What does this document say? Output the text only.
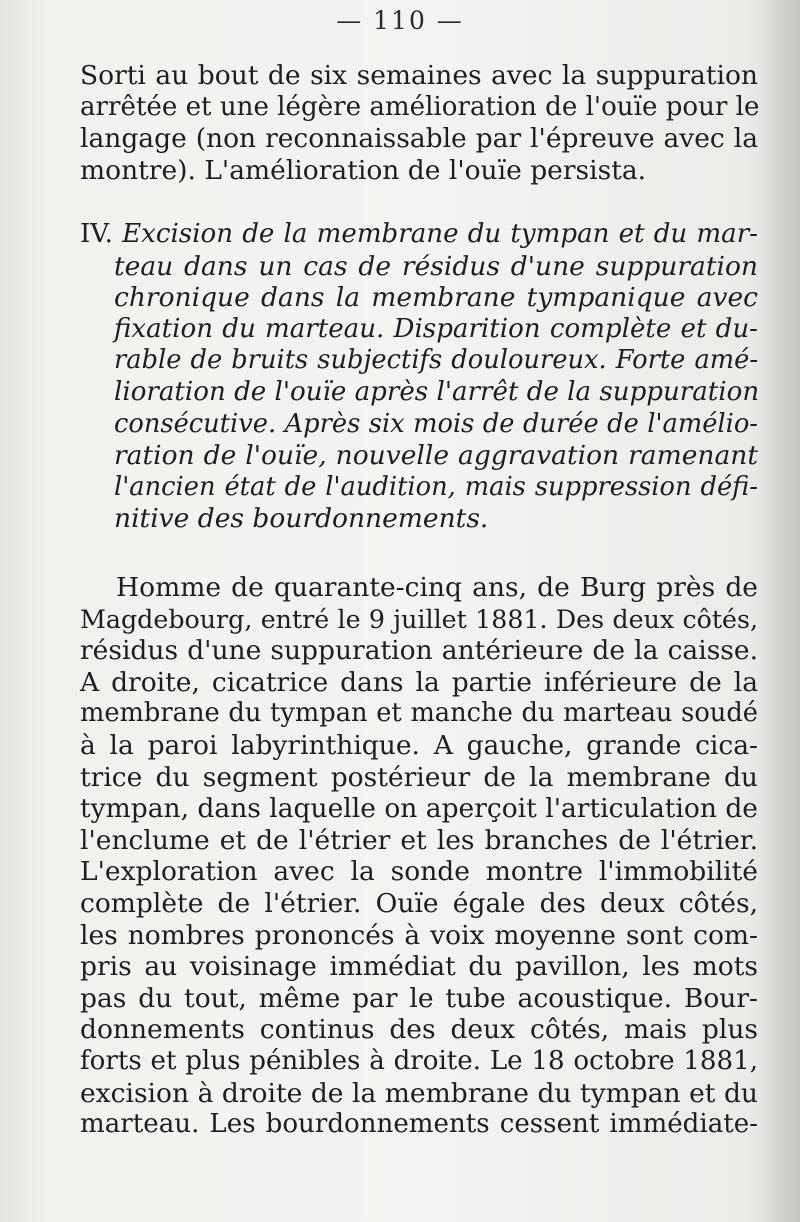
— 110 —
Sorti au bout de six semaines avec la suppuration
arrêtée et une légère amélioration de l'ouïe pour le
langage (non reconnaissable par l'épreuve avec la
montre). L'amélioration de l'ouïe persista.
IV. Excision de la membrane du tympan et du mar-
teau dans un cas de résidus d'une suppuration
chronique dans la membrane tympanique avec
fixation du marteau. Disparition complète et du-
rable de bruits subjectifs douloureux. Forte amé-
lioration de l'ouïe après l'arrêt de la suppuration
consécutive. Après six mois de durée de l'amélio-
ration de l'ouïe, nouvelle aggravation ramenant
l'ancien état de l'audition, mais suppression défi-
nitive des bourdonnements.
Homme de quarante-cinq ans, de Burg près de
Magdebourg, entré le 9 juillet 1881. Des deux côtés,
résidus d'une suppuration antérieure de la caisse.
A droite, cicatrice dans la partie inférieure de la
membrane du tympan et manche du marteau soudé
à la paroi labyrinthique. A gauche, grande cica-
trice du segment postérieur de la membrane du
tympan, dans laquelle on aperçoit l'articulation de
l'enclume et de l'étrier et les branches de l'étrier.
L'exploration avec la sonde montre l'immobilité
complète de l'étrier. Ouïe égale des deux côtés,
les nombres prononcés à voix moyenne sont com-
pris au voisinage immédiat du pavillon, les mots
pas du tout, même par le tube acoustique. Bour-
donnements continus des deux côtés, mais plus
forts et plus pénibles à droite. Le 18 octobre 1881,
excision à droite de la membrane du tympan et du
marteau. Les bourdonnements cessent immédiate-
